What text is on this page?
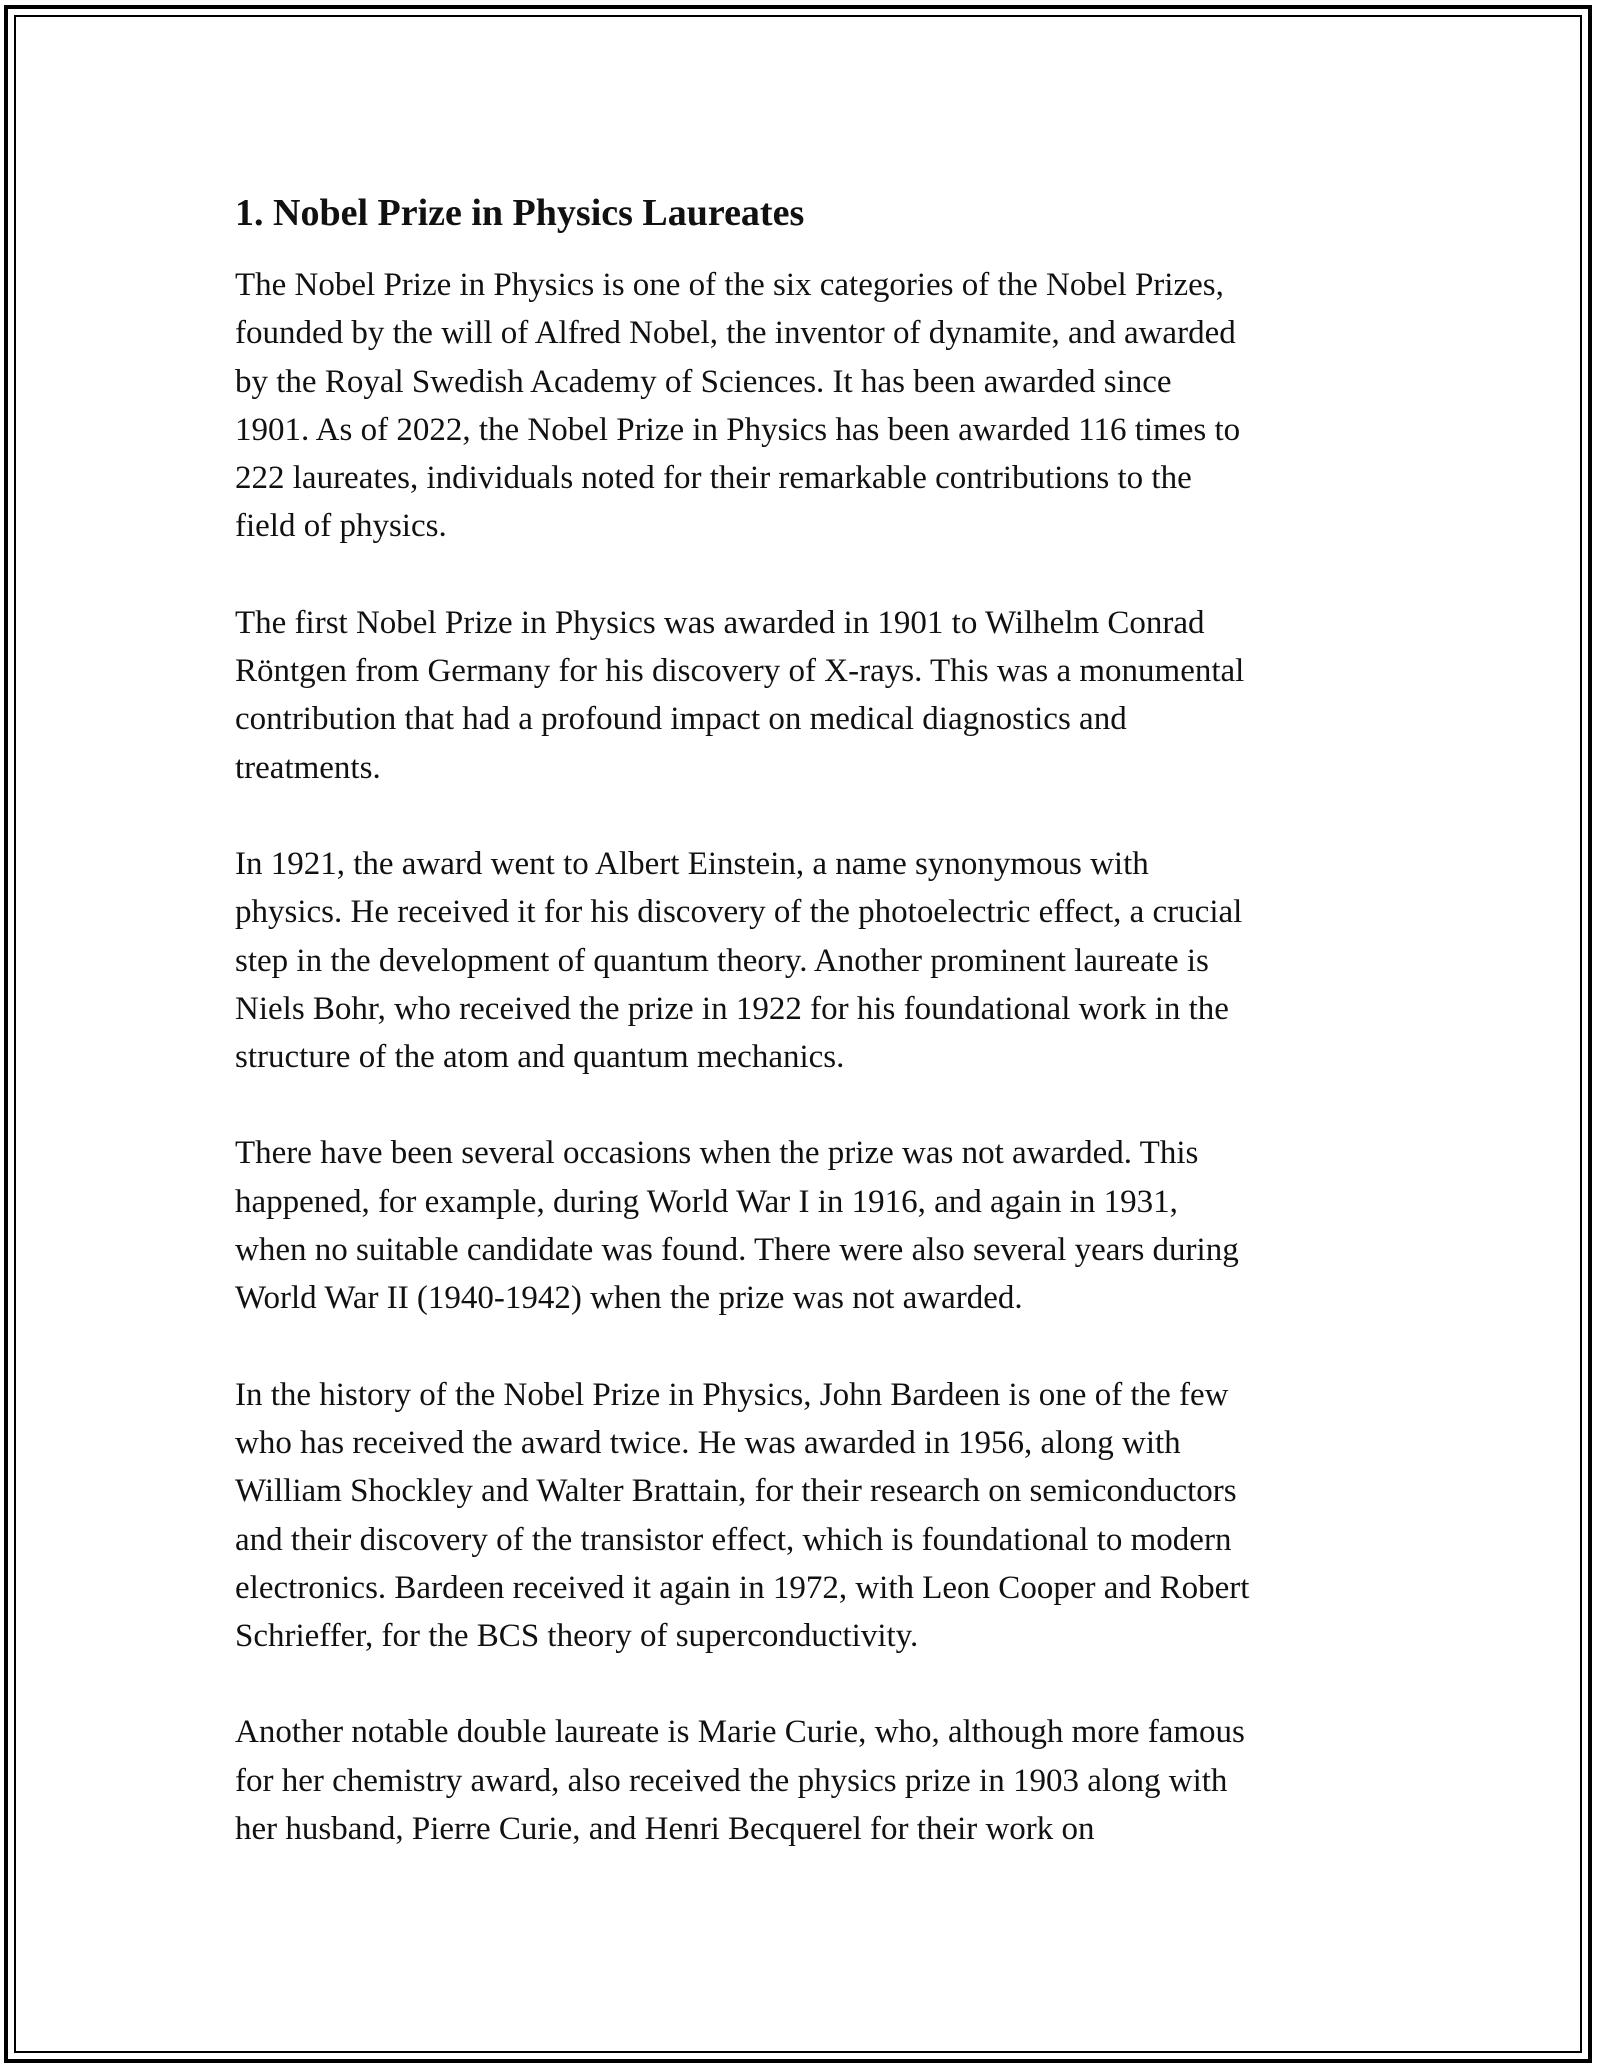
1. Nobel Prize in Physics Laureates

The Nobel Prize in Physics is one of the six categories of the Nobel Prizes,
founded by the will of Alfred Nobel, the inventor of dynamite, and awarded
by the Royal Swedish Academy of Sciences. It has been awarded since
1901. As of 2022, the Nobel Prize in Physics has been awarded 116 times to
222 laureates, individuals noted for their remarkable contributions to the
field of physics.

The first Nobel Prize in Physics was awarded in 1901 to Wilhelm Conrad
Röntgen from Germany for his discovery of X-rays. This was a monumental
contribution that had a profound impact on medical diagnostics and
treatments.

In 1921, the award went to Albert Einstein, a name synonymous with
physics. He received it for his discovery of the photoelectric effect, a crucial
step in the development of quantum theory. Another prominent laureate is
Niels Bohr, who received the prize in 1922 for his foundational work in the
structure of the atom and quantum mechanics.

There have been several occasions when the prize was not awarded. This
happened, for example, during World War I in 1916, and again in 1931,
when no suitable candidate was found. There were also several years during
World War II (1940-1942) when the prize was not awarded.

In the history of the Nobel Prize in Physics, John Bardeen is one of the few
who has received the award twice. He was awarded in 1956, along with
William Shockley and Walter Brattain, for their research on semiconductors
and their discovery of the transistor effect, which is foundational to modern
electronics. Bardeen received it again in 1972, with Leon Cooper and Robert
Schrieffer, for the BCS theory of superconductivity.

Another notable double laureate is Marie Curie, who, although more famous
for her chemistry award, also received the physics prize in 1903 along with
her husband, Pierre Curie, and Henri Becquerel for their work on
